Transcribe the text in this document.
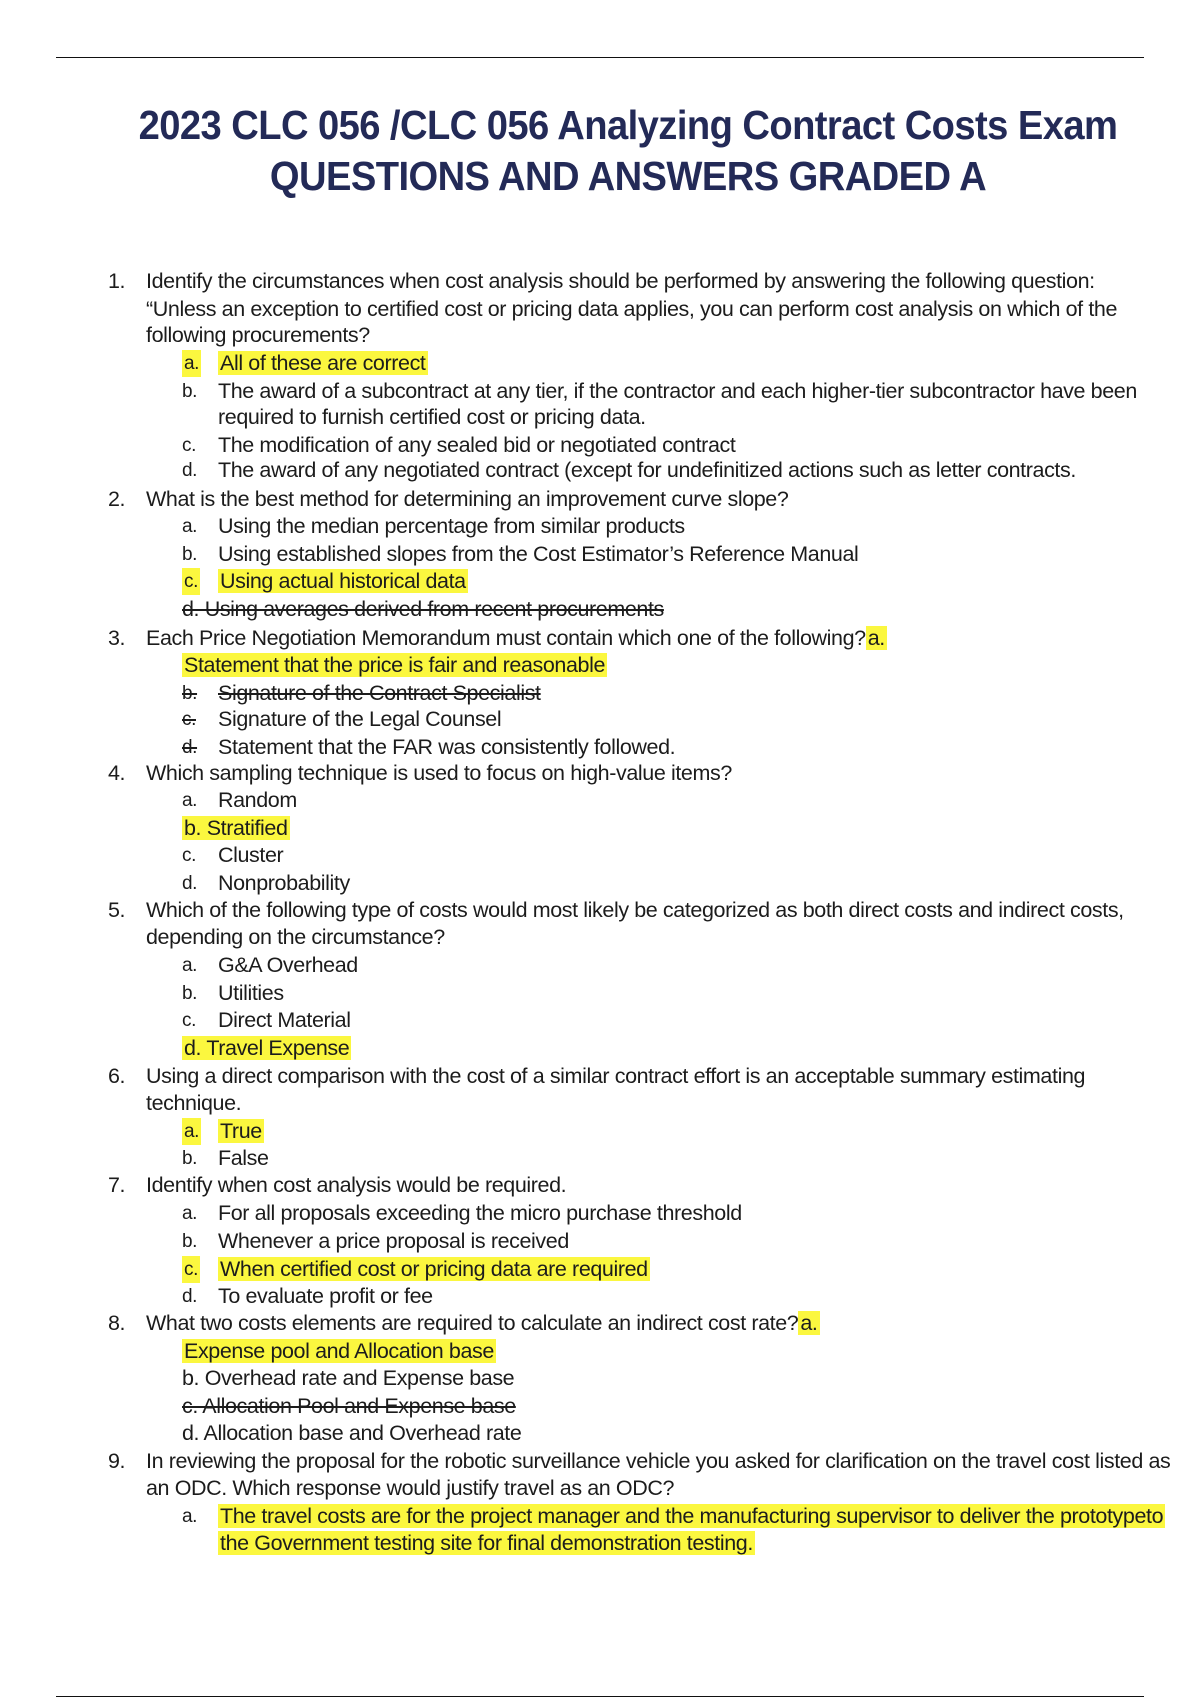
2023 CLC 056 /CLC 056 Analyzing Contract Costs Exam
QUESTIONS AND ANSWERS GRADED A
1. Identify the circumstances when cost analysis should be performed by answering the following question:
“Unless an exception to certified cost or pricing data applies, you can perform cost analysis on which of the
following procurements?
a. All of these are correct
b. The award of a subcontract at any tier, if the contractor and each higher-tier subcontractor have been
required to furnish certified cost or pricing data.
c. The modification of any sealed bid or negotiated contract
d. The award of any negotiated contract (except for undefinitized actions such as letter contracts.
2. What is the best method for determining an improvement curve slope?
a. Using the median percentage from similar products
b. Using established slopes from the Cost Estimator’s Reference Manual
c. Using actual historical data
d. Using averages derived from recent procurements
3. Each Price Negotiation Memorandum must contain which one of the following?a.
Statement that the price is fair and reasonable
b. Signature of the Contract Specialist
c. Signature of the Legal Counsel
d. Statement that the FAR was consistently followed.
4. Which sampling technique is used to focus on high-value items?
a. Random
b. Stratified
c. Cluster
d. Nonprobability
5. Which of the following type of costs would most likely be categorized as both direct costs and indirect costs,
depending on the circumstance?
a. G&A Overhead
b. Utilities
c. Direct Material
d. Travel Expense
6. Using a direct comparison with the cost of a similar contract effort is an acceptable summary estimating
technique.
a. True
b. False
7. Identify when cost analysis would be required.
a. For all proposals exceeding the micro purchase threshold
b. Whenever a price proposal is received
c. When certified cost or pricing data are required
d. To evaluate profit or fee
8. What two costs elements are required to calculate an indirect cost rate?a.
Expense pool and Allocation base
b. Overhead rate and Expense base
c. Allocation Pool and Expense base
d. Allocation base and Overhead rate
9. In reviewing the proposal for the robotic surveillance vehicle you asked for clarification on the travel cost listed as
an ODC. Which response would justify travel as an ODC?
a. The travel costs are for the project manager and the manufacturing supervisor to deliver the prototypeto
the Government testing site for final demonstration testing.
